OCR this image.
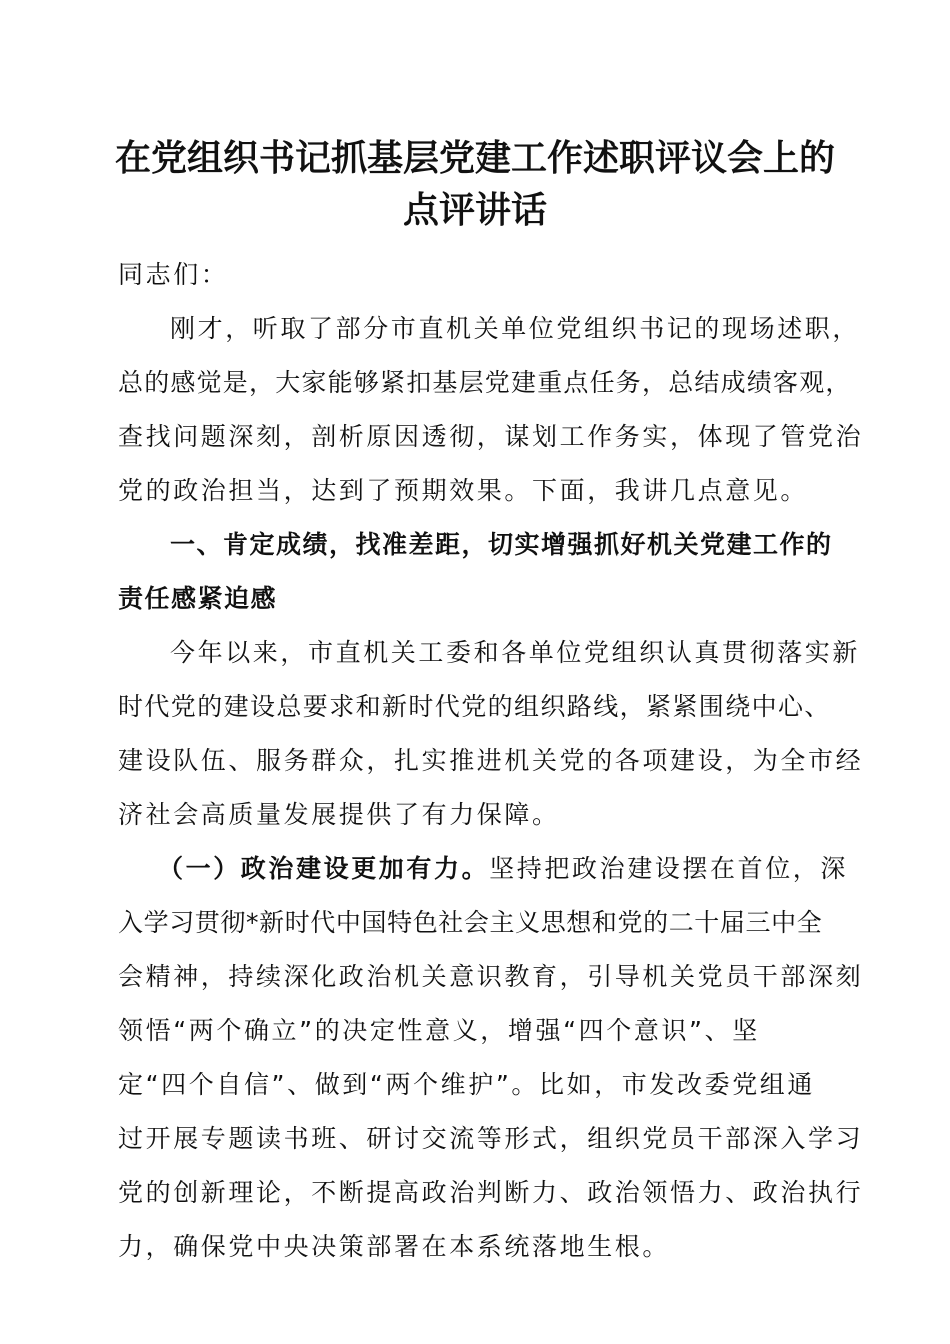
在党组织书记抓基层党建工作述职评议会上的
点评讲话
同志们：
刚才，听取了部分市直机关单位党组织书记的现场述职，
总的感觉是，大家能够紧扣基层党建重点任务，总结成绩客观，
查找问题深刻，剖析原因透彻，谋划工作务实，体现了管党治
党的政治担当，达到了预期效果。下面，我讲几点意见。
一、肯定成绩，找准差距，切实增强抓好机关党建工作的
责任感紧迫感
今年以来，市直机关工委和各单位党组织认真贯彻落实新
时代党的建设总要求和新时代党的组织路线，紧紧围绕中心、
建设队伍、服务群众，扎实推进机关党的各项建设，为全市经
济社会高质量发展提供了有力保障。
（一）政治建设更加有力。坚持把政治建设摆在首位，深
入学习贯彻*新时代中国特色社会主义思想和党的二十届三中全
会精神，持续深化政治机关意识教育，引导机关党员干部深刻
领悟“两个确立”的决定性意义，增强“四个意识”、坚
定“四个自信”、做到“两个维护”。比如，市发改委党组通
过开展专题读书班、研讨交流等形式，组织党员干部深入学习
党的创新理论，不断提高政治判断力、政治领悟力、政治执行
力，确保党中央决策部署在本系统落地生根。
